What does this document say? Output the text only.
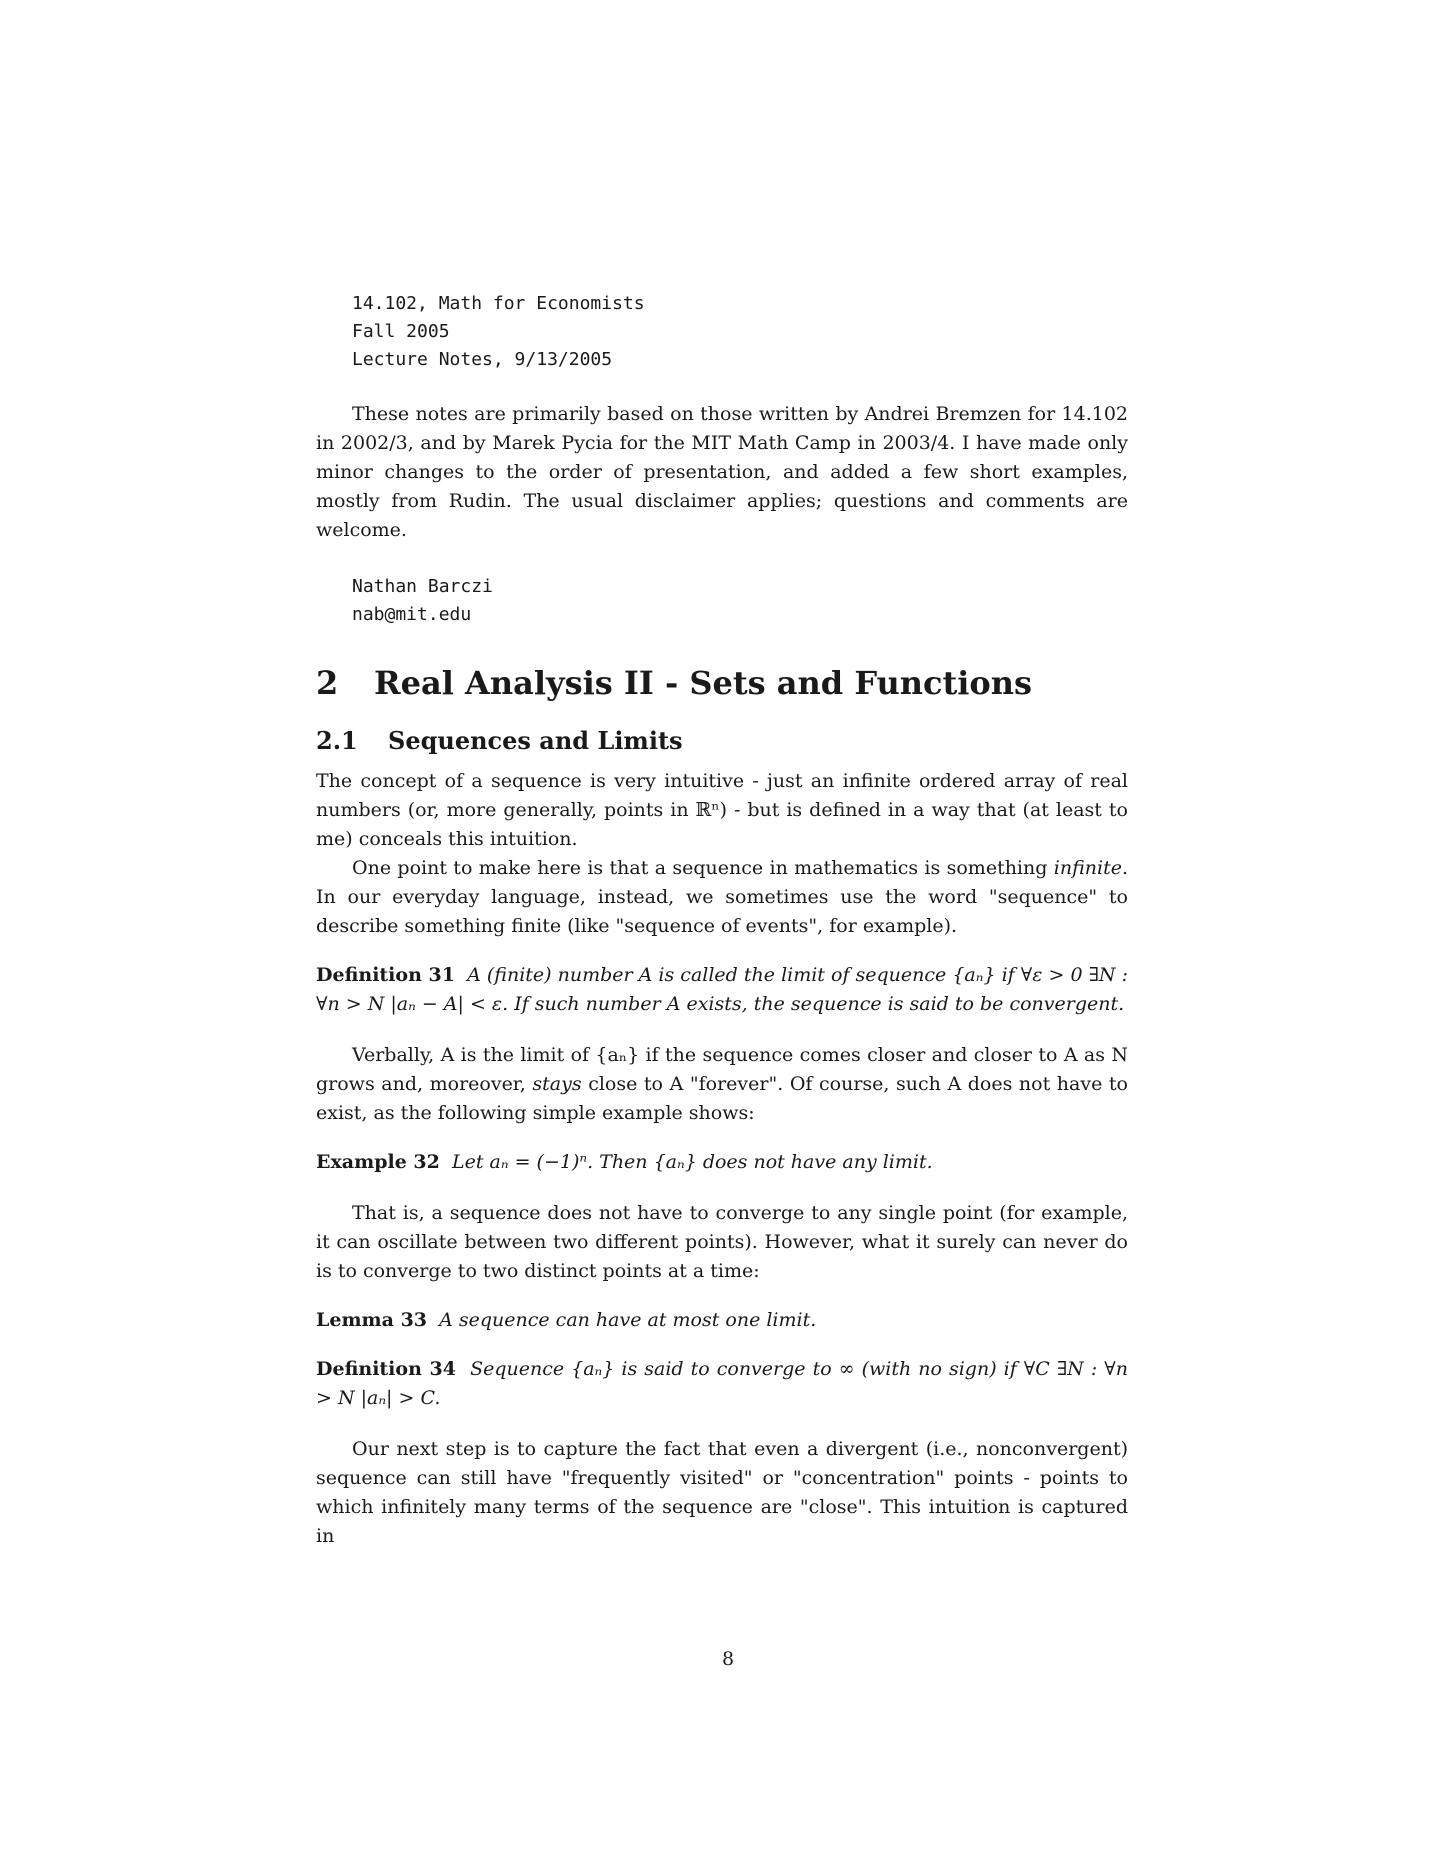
14.102, Math for Economists
Fall 2005
Lecture Notes, 9/13/2005

These notes are primarily based on those written by Andrei Bremzen for 14.102 in 2002/3, and by Marek Pycia for the MIT Math Camp in 2003/4. I have made only minor changes to the order of presentation, and added a few short examples, mostly from Rudin. The usual disclaimer applies; questions and comments are welcome.

Nathan Barczi
nab@mit.edu
2 Real Analysis II - Sets and Functions
2.1 Sequences and Limits

The concept of a sequence is very intuitive - just an infinite ordered array of real numbers (or, more generally, points in ℝⁿ) - but is defined in a way that (at least to me) conceals this intuition.

One point to make here is that a sequence in mathematics is something infinite. In our everyday language, instead, we sometimes use the word "sequence" to describe something finite (like "sequence of events", for example).

Definition 31 A (finite) number A is called the limit of sequence {aₙ} if ∀ε > 0 ∃N : ∀n > N |aₙ − A| < ε. If such number A exists, the sequence is said to be convergent.

Verbally, A is the limit of {aₙ} if the sequence comes closer and closer to A as N grows and, moreover, stays close to A "forever". Of course, such A does not have to exist, as the following simple example shows:

Example 32 Let aₙ = (−1)ⁿ. Then {aₙ} does not have any limit.

That is, a sequence does not have to converge to any single point (for example, it can oscillate between two different points). However, what it surely can never do is to converge to two distinct points at a time:

Lemma 33 A sequence can have at most one limit.

Definition 34 Sequence {aₙ} is said to converge to ∞ (with no sign) if ∀C ∃N : ∀n > N |aₙ| > C.

Our next step is to capture the fact that even a divergent (i.e., nonconvergent) sequence can still have "frequently visited" or "concentration" points - points to which infinitely many terms of the sequence are "close". This intuition is captured in

8
